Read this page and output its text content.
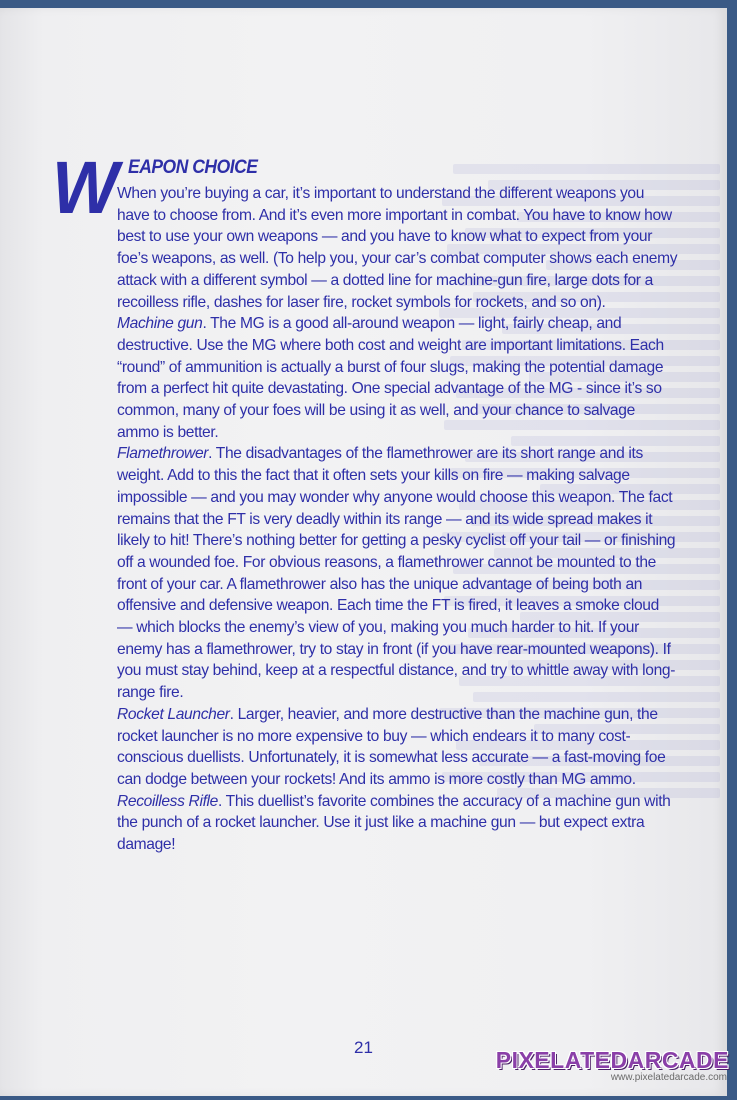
W EAPON CHOICE

When you’re buying a car, it’s important to understand the different weapons you have to choose from. And it’s even more important in combat. You have to know how best to use your own weapons — and you have to know what to expect from your foe’s weapons, as well. (To help you, your car’s combat computer shows each enemy attack with a different symbol — a dotted line for machine-gun fire, large dots for a recoilless rifle, dashes for laser fire, rocket symbols for rockets, and so on).

Machine gun. The MG is a good all-around weapon — light, fairly cheap, and destructive. Use the MG where both cost and weight are important limitations. Each “round” of ammunition is actually a burst of four slugs, making the potential damage from a perfect hit quite devastating. One special advantage of the MG - since it’s so common, many of your foes will be using it as well, and your chance to salvage ammo is better.

Flamethrower. The disadvantages of the flamethrower are its short range and its weight. Add to this the fact that it often sets your kills on fire — making salvage impossible — and you may wonder why anyone would choose this weapon. The fact remains that the FT is very deadly within its range — and its wide spread makes it likely to hit! There’s nothing better for getting a pesky cyclist off your tail — or finishing off a wounded foe. For obvious reasons, a flamethrower cannot be mounted to the front of your car. A flamethrower also has the unique advantage of being both an offensive and defensive weapon. Each time the FT is fired, it leaves a smoke cloud — which blocks the enemy’s view of you, making you much harder to hit. If your enemy has a flamethrower, try to stay in front (if you have rear-mounted weapons). If you must stay behind, keep at a respectful distance, and try to whittle away with long-range fire.

Rocket Launcher. Larger, heavier, and more destructive than the machine gun, the rocket launcher is no more expensive to buy — which endears it to many cost-conscious duellists. Unfortunately, it is somewhat less accurate — a fast-moving foe can dodge between your rockets! And its ammo is more costly than MG ammo.

Recoilless Rifle. This duellist’s favorite combines the accuracy of a machine gun with the punch of a rocket launcher. Use it just like a machine gun — but expect extra damage!

21	PIXELATEDARCADE
www.pixelatedarcade.com
